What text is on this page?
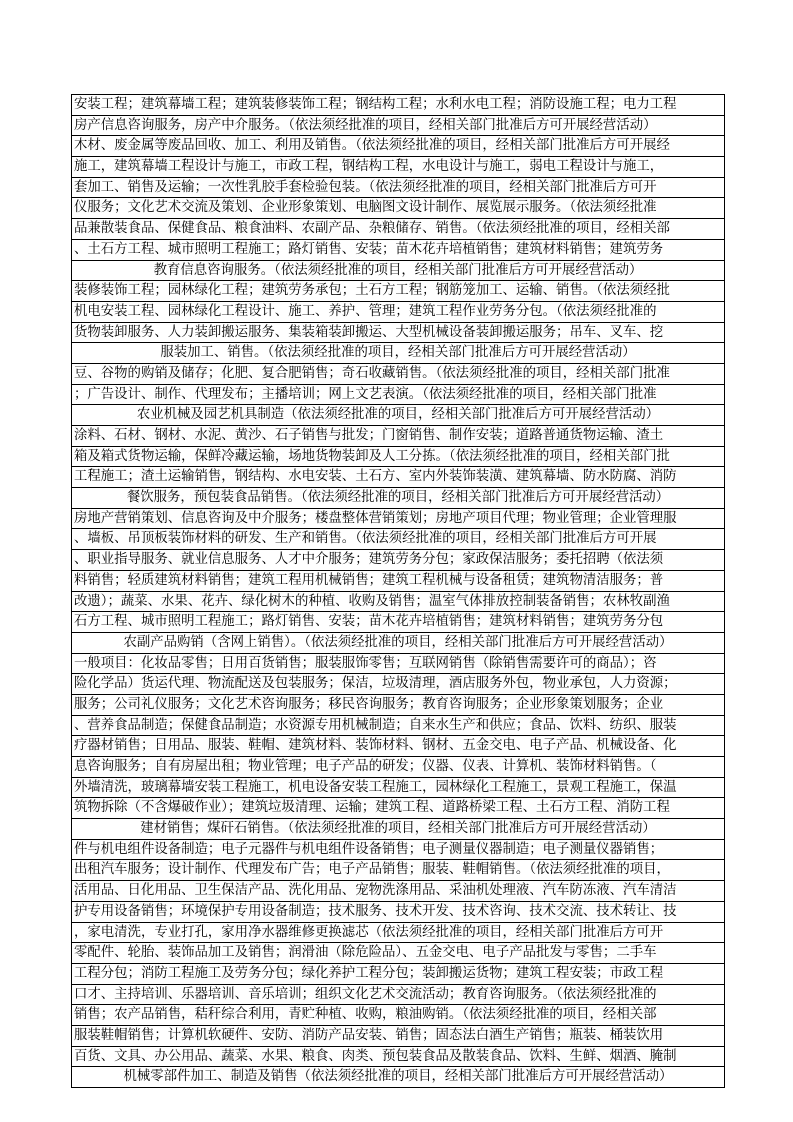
安装工程；建筑幕墙工程；建筑装修装饰工程；钢结构工程；水利水电工程；消防设施工程；电力工程
房产信息咨询服务，房产中介服务。（依法须经批准的项目，经相关部门批准后方可开展经营活动）
木材、废金属等废品回收、加工、利用及销售。（依法须经批准的项目，经相关部门批准后方可开展经
施工，建筑幕墙工程设计与施工，市政工程，钢结构工程，水电设计与施工，弱电工程设计与施工，
套加工、销售及运输；一次性乳胶手套检验包装。（依法须经批准的项目，经相关部门批准后方可开
仪服务；文化艺术交流及策划、企业形象策划、电脑图文设计制作、展览展示服务。（依法须经批准
品兼散装食品、保健食品、粮食油料、农副产品、杂粮储存、销售。（依法须经批准的项目，经相关部
、土石方工程、城市照明工程施工；路灯销售、安装；苗木花卉培植销售；建筑材料销售；建筑劳务
教育信息咨询服务。（依法须经批准的项目，经相关部门批准后方可开展经营活动）
装修装饰工程；园林绿化工程；建筑劳务承包；土石方工程；钢筋笼加工、运输、销售。（依法须经批
机电安装工程、园林绿化工程设计、施工、养护、管理；建筑工程作业劳务分包。（依法须经批准的
货物装卸服务、人力装卸搬运服务、集装箱装卸搬运、大型机械设备装卸搬运服务；吊车、叉车、挖
服装加工、销售。（依法须经批准的项目，经相关部门批准后方可开展经营活动）
豆、谷物的购销及储存；化肥、复合肥销售；奇石收藏销售。（依法须经批准的项目，经相关部门批准
；广告设计、制作、代理发布；主播培训；网上文艺表演。（依法须经批准的项目，经相关部门批准
农业机械及园艺机具制造（依法须经批准的项目，经相关部门批准后方可开展经营活动）
涂料、石材、钢材、水泥、黄沙、石子销售与批发；门窗销售、制作安装；道路普通货物运输、渣土
箱及箱式货物运输，保鲜冷藏运输，场地货物装卸及人工分拣。（依法须经批准的项目，经相关部门批
工程施工；渣土运输销售，钢结构、水电安装、土石方、室内外装饰装潢、建筑幕墙、防水防腐、消防
餐饮服务，预包装食品销售。（依法须经批准的项目，经相关部门批准后方可开展经营活动）
房地产营销策划、信息咨询及中介服务；楼盘整体营销策划；房地产项目代理；物业管理；企业管理服
、墙板、吊顶板装饰材料的研发、生产和销售。（依法须经批准的项目，经相关部门批准后方可开展
、职业指导服务、就业信息服务、人才中介服务；建筑劳务分包；家政保洁服务；委托招聘（依法须
料销售；轻质建筑材料销售；建筑工程用机械销售；建筑工程机械与设备租赁；建筑物清洁服务；普
改遗）；蔬菜、水果、花卉、绿化树木的种植、收购及销售；温室气体排放控制装备销售；农林牧副渔
石方工程、城市照明工程施工；路灯销售、安装；苗木花卉培植销售；建筑材料销售；建筑劳务分包
农副产品购销（含网上销售）。（依法须经批准的项目，经相关部门批准后方可开展经营活动）
一般项目：化妆品零售；日用百货销售；服装服饰零售；互联网销售（除销售需要许可的商品）；咨
险化学品）货运代理、物流配送及包装服务；保洁，垃圾清理，酒店服务外包，物业承包，人力资源；
服务；公司礼仪服务；文化艺术咨询服务；移民咨询服务；教育咨询服务；企业形象策划服务；企业
、营养食品制造；保健食品制造；水资源专用机械制造；自来水生产和供应；食品、饮料、纺织、服装
疗器材销售；日用品、服装、鞋帽、建筑材料、装饰材料、钢材、五金交电、电子产品、机械设备、化
息咨询服务；自有房屋出租；物业管理；电子产品的研发；仪器、仪表、计算机、装饰材料销售。（
外墙清洗，玻璃幕墙安装工程施工，机电设备安装工程施工，园林绿化工程施工，景观工程施工，保温
筑物拆除（不含爆破作业）；建筑垃圾清理、运输；建筑工程、道路桥梁工程、土石方工程、消防工程
建材销售；煤矸石销售。（依法须经批准的项目，经相关部门批准后方可开展经营活动）
件与机电组件设备制造；电子元器件与机电组件设备销售；电子测量仪器制造；电子测量仪器销售；
出租汽车服务；设计制作、代理发布广告；电子产品销售；服装、鞋帽销售。（依法须经批准的项目，
活用品、日化用品、卫生保洁产品、洗化用品、宠物洗涤用品、采油机处理液、汽车防冻液、汽车清洁
护专用设备销售；环境保护专用设备制造；技术服务、技术开发、技术咨询、技术交流、技术转让、技
，家电清洗，专业打孔，家用净水器维修更换滤芯（依法须经批准的项目，经相关部门批准后方可开
零配件、轮胎、装饰品加工及销售；润滑油（除危险品）、五金交电、电子产品批发与零售；二手车
工程分包；消防工程施工及劳务分包；绿化养护工程分包；装卸搬运货物；建筑工程安装；市政工程
口才、主持培训、乐器培训、音乐培训；组织文化艺术交流活动；教育咨询服务。（依法须经批准的
销售；农产品销售，秸秆综合利用，青贮种植、收购，粮油购销。（依法须经批准的项目，经相关部
服装鞋帽销售；计算机软硬件、安防、消防产品安装、销售；固态法白酒生产销售；瓶装、桶装饮用
百货、文具、办公用品、蔬菜、水果、粮食、肉类、预包装食品及散装食品、饮料、生鲜、烟酒、腌制
机械零部件加工、制造及销售（依法须经批准的项目，经相关部门批准后方可开展经营活动）
